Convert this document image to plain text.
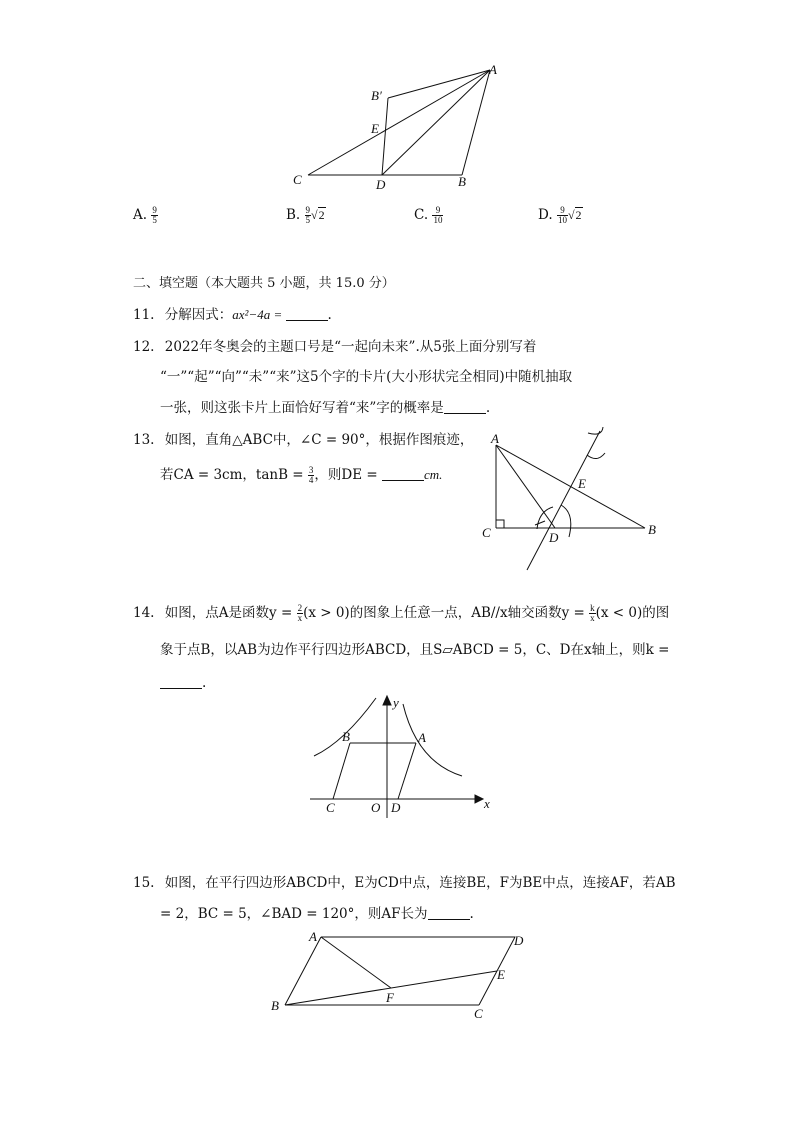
A
B′
E
C	D	B
A. $\frac{9}{5}$	B. $\frac{9}{5} √2$	C. $\frac{9}{10}$	D. $\frac{9}{10} √2$
二、填空题（本大题共 5 小题，共 15.0 分）
11. 分解因式：ax²−4a =	.
12. 2022年冬奥会的主题口号是“一起向未来”.从5张上面分别写着
“一”“起”“向”“未”“来”这5个字的卡片(大小形状完全相同)中随机抽取
一张，则这张卡片上面恰好写着“来”字的概率是	.
13. 如图，直角△ABC中，∠C = 90°，根据作图痕迹，
若CA = 3cm，$\tan B = \frac{3}{4}$ ，则DE =	cm.
A
E
C	D
B
14. 如图，点A是函数$y = \frac{2}{x} (x > 0)$的图象上任意一点，AB//x轴交函数$y = \frac{k}{x} (x < 0)$的图
象于点B，以AB为边作平行四边形ABCD，且S▱ABCD = 5，C、D在x轴上，则k =
.
y
x
B	A
C	O D
15. 如图，在平行四边形ABCD中，E为CD中点，连接BE，F为BE中点，连接AF，若AB
= 2，BC = 5，∠BAD = 120°，则AF长为	.
A	D
E
F
B
C
